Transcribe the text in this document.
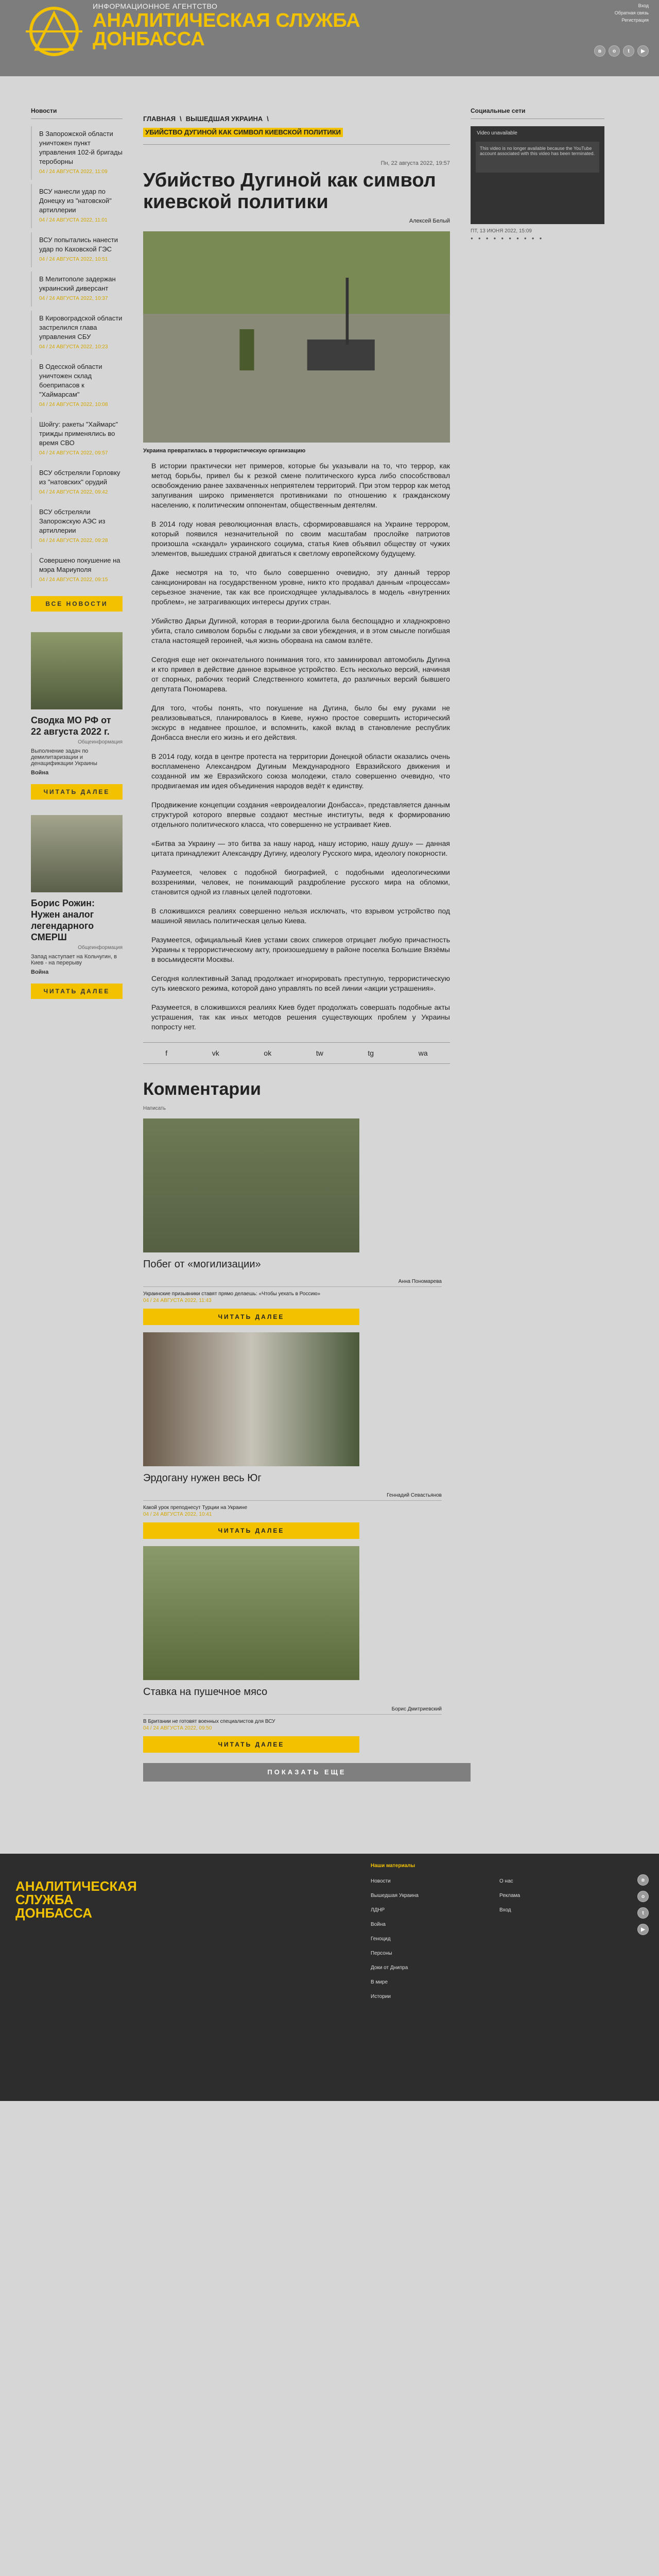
ИНФОРМАЦИОННОЕ АГЕНТСТВО
АНАЛИТИЧЕСКАЯ СЛУЖБА ДОНБАССА
Вход
Обратная связь
Регистрация
в	о	t	▶
Новости
В Запорожской области уничтожен пункт управления 102-й бригады тероборны
04 / 24 АВГУСТА 2022, 11:09
ВСУ нанесли удар по Донецку из "натовской" артиллерии
04 / 24 АВГУСТА 2022, 11:01
ВСУ попытались нанести удар по Каховской ГЭС
04 / 24 АВГУСТА 2022, 10:51
В Мелитополе задержан украинский диверсант
04 / 24 АВГУСТА 2022, 10:37
В Кировоградской области застрелился глава управления СБУ
04 / 24 АВГУСТА 2022, 10:23
В Одесской области уничтожен склад боеприпасов к "Хаймарсам"
04 / 24 АВГУСТА 2022, 10:08
Шойгу: ракеты "Хаймарс" трижды применялись во время СВО
04 / 24 АВГУСТА 2022, 09:57
ВСУ обстреляли Горловку из "натовских" орудий
04 / 24 АВГУСТА 2022, 09:42
ВСУ обстреляли Запорожскую АЭС из артиллерии
04 / 24 АВГУСТА 2022, 09:28
Совершено покушение на мэра Мариуполя
04 / 24 АВГУСТА 2022, 09:15
ВСЕ НОВОСТИ
Сводка МО РФ от 22 августа 2022 г.
Общеинформация
Выполнение задач по демилитаризации и денацификации Украины
Война
ЧИТАТЬ ДАЛЕЕ
Борис Рожин: Нужен аналог легендарного СМЕРШ
Общеинформация
Запад наступает на Кольчугин, в Киев - на перерыву
Война
ЧИТАТЬ ДАЛЕЕ
ГЛАВНАЯ \ ВЫШЕДШАЯ УКРАИНА \
УБИЙСТВО ДУГИНОЙ КАК СИМВОЛ КИЕВСКОЙ ПОЛИТИКИ
Пн, 22 августа 2022, 19:57
Убийство Дугиной как символ киевской политики
Алексей Белый
Украина превратилась в террористическую организацию

В истории практически нет примеров, которые бы указывали на то, что террор, как метод борьбы, привел бы к резкой смене политического курса либо способствовал освобождению ранее захваченных неприятелем территорий. При этом террор как метод запугивания широко применяется противниками по отношению к гражданскому населению, к политическим оппонентам, общественным деятелям.

В 2014 году новая революционная власть, сформировавшаяся на Украине террором, который появился незначительной по своим масштабам прослойке патриотов произошла «скандал» украинского социума, статья Киев объявил обществу от чужих элементов, вышедших страной двигаться к светлому европейскому будущему.

Даже несмотря на то, что было совершенно очевидно, эту данный террор санкционирован на государственном уровне, никто кто продавал данным «процессам» серьезное значение, так как все происходящее укладывалось в модель «внутренних проблем», не затрагивающих интересы других стран.

Убийство Дарьи Дугиной, которая в теории-дрогила была беспощадно и хладнокровно убита, стало символом борьбы с людьми за свои убеждения, и в этом смысле погибшая стала настоящей героиней, чья жизнь оборвана на самом взлёте.

Сегодня еще нет окончательного понимания того, кто заминировал автомобиль Дугина и кто привел в действие данное взрывное устройство. Есть несколько версий, начиная от спорных, рабочих теорий Следственного комитета, до различных версий бывшего депутата Пономарева.

Для того, чтобы понять, что покушение на Дугина, было бы ему руками не реализовываться, планировалось в Киеве, нужно простое совершить исторический экскурс в недавнее прошлое, и вспомнить, какой вклад в становление республик Донбасса внесли его жизнь и его действия.

В 2014 году, когда в центре протеста на территории Донецкой области оказались очень воспламенено Александром Дугиным Международного Евразийского движения и созданной им же Евразийского союза молодежи, стало совершенно очевидно, что продвигаемая им идея объединения народов ведёт к единству.

Продвижение концепции создания «евроидеалогии Донбасса», представляется данным структурой которого впервые создают местные институты, ведя к формированию отдельного политического класса, что совершенно не устраивает Киев.

«Битва за Украину — это битва за нашу народ, нашу историю, нашу душу» — данная цитата принадлежит Александру Дугину, идеологу Русского мира, идеологу покорности.

Разумеется, человек с подобной биографией, с подобными идеологическими воззрениями, человек, не понимающий раздробление русского мира на обломки, становится одной из главных целей подготовки.

В сложившихся реалиях совершенно нельзя исключать, что взрывом устройство под машиной явилась политическая целью Киева.

Разумеется, официальный Киев устами своих спикеров отрицает любую причастность Украины к террористическому акту, произошедшему в районе поселка Большие Вязёмы в восьмидесяти Москвы.

Сегодня коллективный Запад продолжает игнорировать преступную, террористическую суть киевского режима, которой дано управлять по всей линии «акции устрашения».

Разумеется, в сложившихся реалиях Киев будет продолжать совершать подобные акты устрашения, так как иных методов решения существующих проблем у Украины попросту нет.

f	vk	ok	tw	tg	wa
Комментарии
Написать
Побег от «могилизации»
Анна Пономарева
Украинские призывники ставят прямо делаешь: «Чтобы уехать в Россию»
04 / 24 АВГУСТА 2022, 11:43
ЧИТАТЬ ДАЛЕЕ
Эрдогану нужен весь Юг
Геннадий Севастьянов
Какой урок преподнесут Турции на Украине
04 / 24 АВГУСТА 2022, 10:41
ЧИТАТЬ ДАЛЕЕ
Ставка на пушечное мясо
Борис Дмитриевский
В Британии не готовят военных специалистов для ВСУ
04 / 24 АВГУСТА 2022, 09:50
ЧИТАТЬ ДАЛЕЕ
ПОКАЗАТЬ ЕЩЕ
Социальные сети
Video unavailable
This video is no longer available because the YouTube account associated with this video has been terminated.
ПТ, 13 ИЮНЯ 2022, 15:09
● ● ● ● ● ● ● ● ● ●
АНАЛИТИЧЕСКАЯ СЛУЖБА ДОНБАССА
Наши материалы
Новости
Вышедшая Украина
ЛДНР
Война
Геноцид
Персоны
Доки от Днипра
В мире
Истории
О нас
Реклама
Вход
в
о
t
▶
